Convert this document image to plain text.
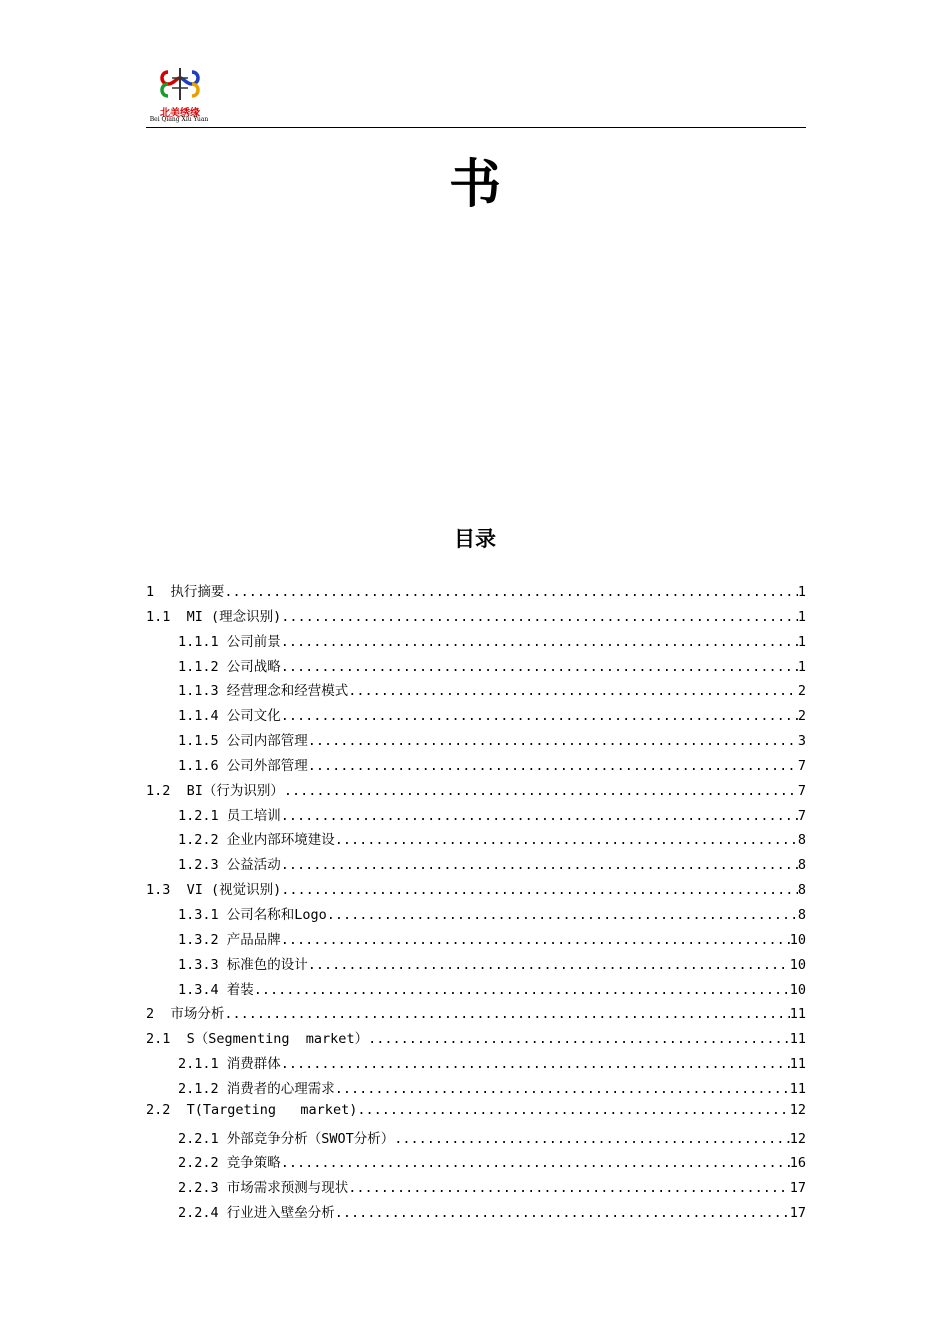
北美绣缘
Bei Qiang Xiu Yuan
书
目录
1 执行摘要 .....	1
1.1 MI (理念识别) .....	1
1.1.1 公司前景 .....	1
1.1.2 公司战略 .....	1
1.1.3 经营理念和经营模式 .....	2
1.1.4 公司文化 .....	2
1.1.5 公司内部管理 .....	3
1.1.6 公司外部管理 .....	7
1.2 BI（行为识别） .....	7
1.2.1 员工培训 .....	7
1.2.2 企业内部环境建设 .....	8
1.2.3 公益活动 .....	8
1.3 VI (视觉识别) .....	8
1.3.1 公司名称和Logo .....	8
1.3.2 产品品牌 .....	10
1.3.3 标准色的设计 .....	10
1.3.4 着装 .....	10
2 市场分析 .....	11
2.1 S（Segmenting  market） .....	11
2.1.1 消费群体 .....	11
2.1.2 消费者的心理需求 .....	11
2.2 T(Targeting   market) .....	12
2.2.1 外部竞争分析（SWOT分析） .....	12
2.2.2 竞争策略 .....	16
2.2.3 市场需求预测与现状 .....	17
2.2.4 行业进入壁垒分析 .....	17
